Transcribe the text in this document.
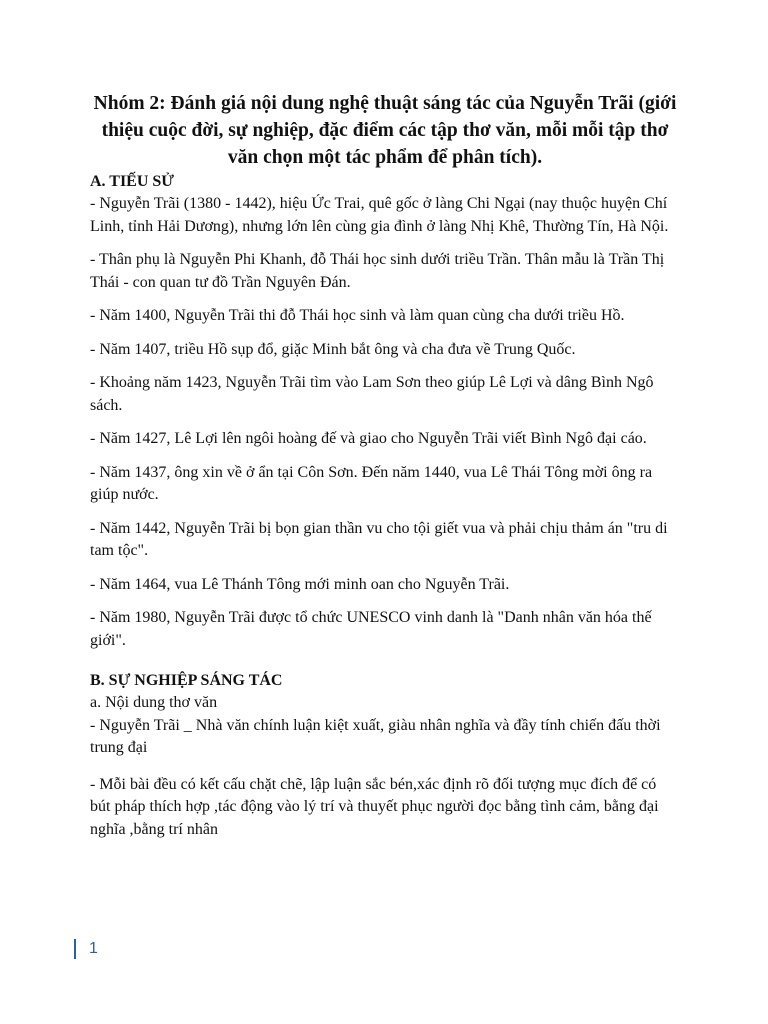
Nhóm 2: Đánh giá nội dung nghệ thuật sáng tác của Nguyễn Trãi (giới thiệu cuộc đời, sự nghiệp, đặc điểm các tập thơ văn, mỗi mỗi tập thơ văn chọn một tác phẩm để phân tích).

A. TIẾU SỬ

- Nguyễn Trãi (1380 - 1442), hiệu Ức Trai, quê gốc ở làng Chi Ngại (nay thuộc huyện Chí Linh, tỉnh Hải Dương), nhưng lớn lên cùng gia đình ở làng Nhị Khê, Thường Tín, Hà Nội.

- Thân phụ là Nguyễn Phi Khanh, đỗ Thái học sinh dưới triều Trần. Thân mẫu là Trần Thị Thái - con quan tư đồ Trần Nguyên Đán.

- Năm 1400, Nguyễn Trãi thi đỗ Thái học sinh và làm quan cùng cha dưới triều Hồ.

- Năm 1407, triều Hồ sụp đổ, giặc Minh bắt ông và cha đưa về Trung Quốc.

- Khoảng năm 1423, Nguyễn Trãi tìm vào Lam Sơn theo giúp Lê Lợi và dâng Bình Ngô sách.

- Năm 1427, Lê Lợi lên ngôi hoàng đế và giao cho Nguyễn Trãi viết Bình Ngô đại cáo.

- Năm 1437, ông xin về ở ẩn tại Côn Sơn. Đến năm 1440, vua Lê Thái Tông mời ông ra giúp nước.

- Năm 1442, Nguyễn Trãi bị bọn gian thần vu cho tội giết vua và phải chịu thảm án "tru di tam tộc".

- Năm 1464, vua Lê Thánh Tông mới minh oan cho Nguyễn Trãi.

- Năm 1980, Nguyễn Trãi được tổ chức UNESCO vinh danh là "Danh nhân văn hóa thế giới".

B. SỰ NGHIỆP SÁNG TÁC

a. Nội dung thơ văn

- Nguyễn Trãi _ Nhà văn chính luận kiệt xuất, giàu nhân nghĩa và đầy tính chiến đấu thời trung đại

- Mỗi bài đều có kết cấu chặt chẽ, lập luận sắc bén,xác định rõ đối tượng mục đích để có bút pháp thích hợp ,tác động vào lý trí và thuyết phục người đọc bằng tình cảm, bằng đại nghĩa ,bằng trí nhân

1
